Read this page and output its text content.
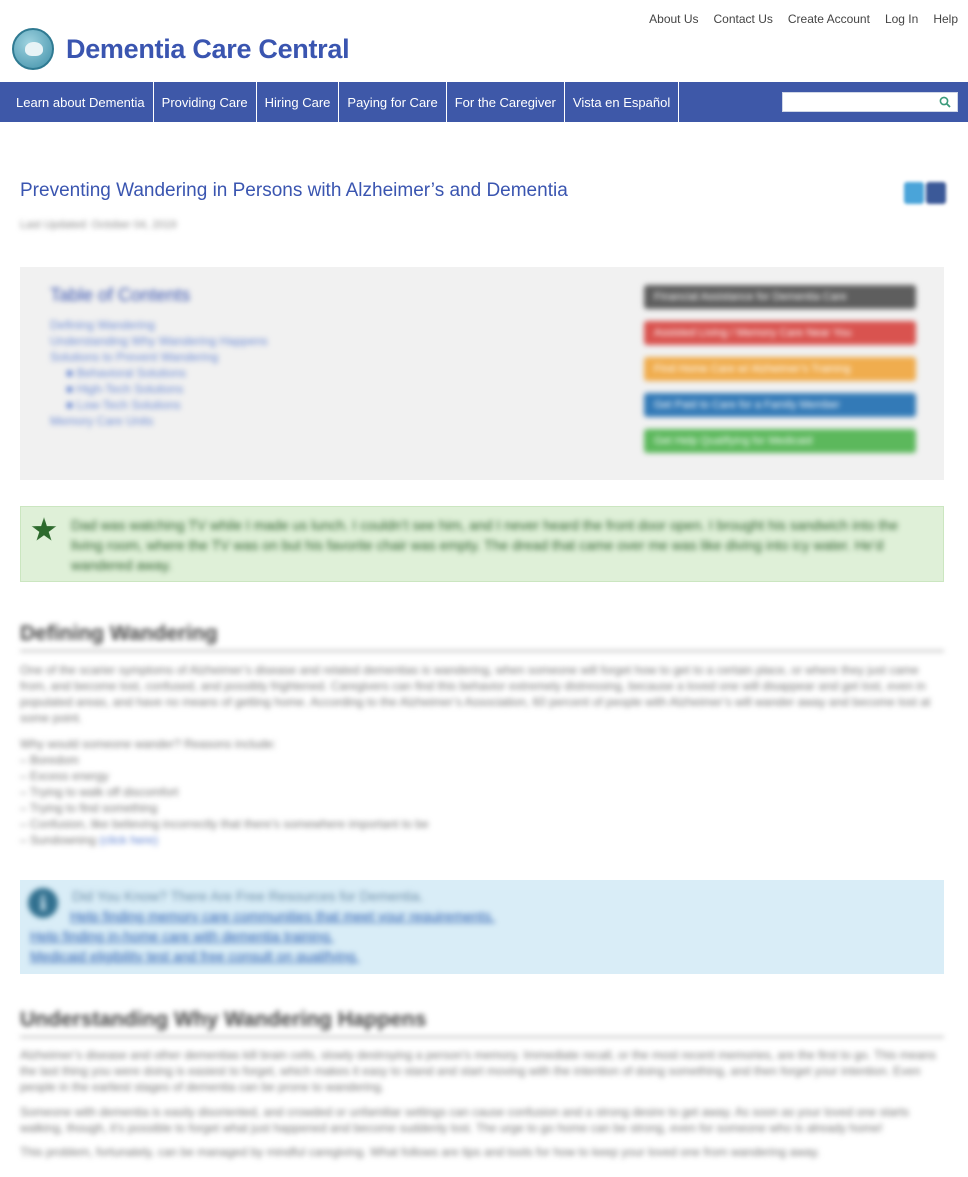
About Us Contact Us Create Account Log In Help
Dementia Care Central
Learn about Dementia	Providing Care	Hiring Care	Paying for Care	For the Caregiver	Vista en Español
Preventing Wandering in Persons with Alzheimer’s and Dementia
Last Updated: October 04, 2019
Table of Contents
Defining Wandering
Understanding Why Wandering Happens
Solutions to Prevent Wandering
■ Behavioral Solutions
■ High-Tech Solutions
■ Low-Tech Solutions
Memory Care Units
Financial Assistance for Dementia Care
Assisted Living / Memory Care Near You
Find Home Care w/ Alzheimer’s Training
Get Paid to Care for a Family Member
Get Help Qualifying for Medicaid
Dad was watching TV while I made us lunch. I couldn’t see him, and I never heard the front door open. I brought his sandwich into the living room, where the TV was on but his favorite chair was empty. The dread that came over me was like diving into icy water. He’d wandered away.
Defining Wandering
One of the scarier symptoms of Alzheimer’s disease and related dementias is wandering, when someone will forget how to get to a certain place, or where they just came from, and become lost, confused, and possibly frightened. Caregivers can find this behavior extremely distressing, because a loved one will disappear and get lost, even in populated areas, and have no means of getting home. According to the Alzheimer’s Association, 60 percent of people with Alzheimer’s will wander away and become lost at some point.
Why would someone wander? Reasons include:
– Boredom
– Excess energy
– Trying to walk off discomfort
– Trying to find something
– Confusion, like believing incorrectly that there’s somewhere important to be
– Sundowning (click here)
i	Did You Know? There Are Free Resources for Dementia.
Help finding memory care communities that meet your requirements.
Help finding in-home care with dementia training.
Medicaid eligibility test and free consult on qualifying.
Understanding Why Wandering Happens
Alzheimer’s disease and other dementias kill brain cells, slowly destroying a person’s memory. Immediate recall, or the most recent memories, are the first to go. This means the last thing you were doing is easiest to forget, which makes it easy to stand and start moving with the intention of doing something, and then forget your intention. Even people in the earliest stages of dementia can be prone to wandering.
Someone with dementia is easily disoriented, and crowded or unfamiliar settings can cause confusion and a strong desire to get away. As soon as your loved one starts walking, though, it’s possible to forget what just happened and become suddenly lost. The urge to go home can be strong, even for someone who is already home!
This problem, fortunately, can be managed by mindful caregiving. What follows are tips and tools for how to keep your loved one from wandering away.
